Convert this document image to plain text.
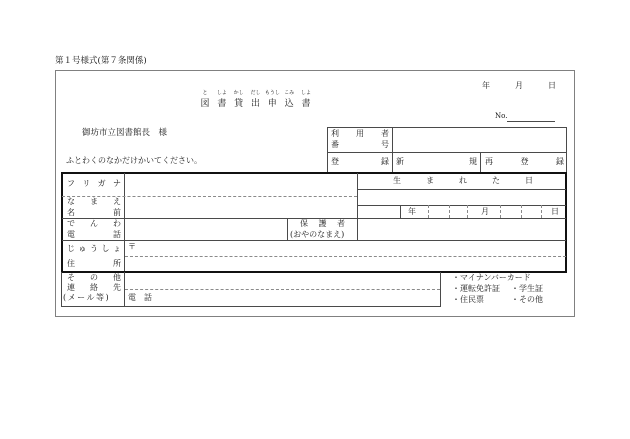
第１号様式(第７条関係)
年	月	日
と
図
しよ
書
かし
貸
だし
出
もうし
申
こみ
込
しよ
書
No.
御坊市立図書館長　様	利 用 者
番	号
登	録 新	規 再	登	録
ふとわくのなかだけかいてください。
フ リ ガ ナ
な ま え
名	前
生	ま	れ	た	日
年	月	日
で ん わ
電	話
保 護 者
(おやのなまえ)
じ ゅ う し ょ 〒
住	所
そ の 他
連 絡 先
(メール等) 電 話
・マイナンバーカード
・運転免許証 ・学生証
・住民票	・その他
